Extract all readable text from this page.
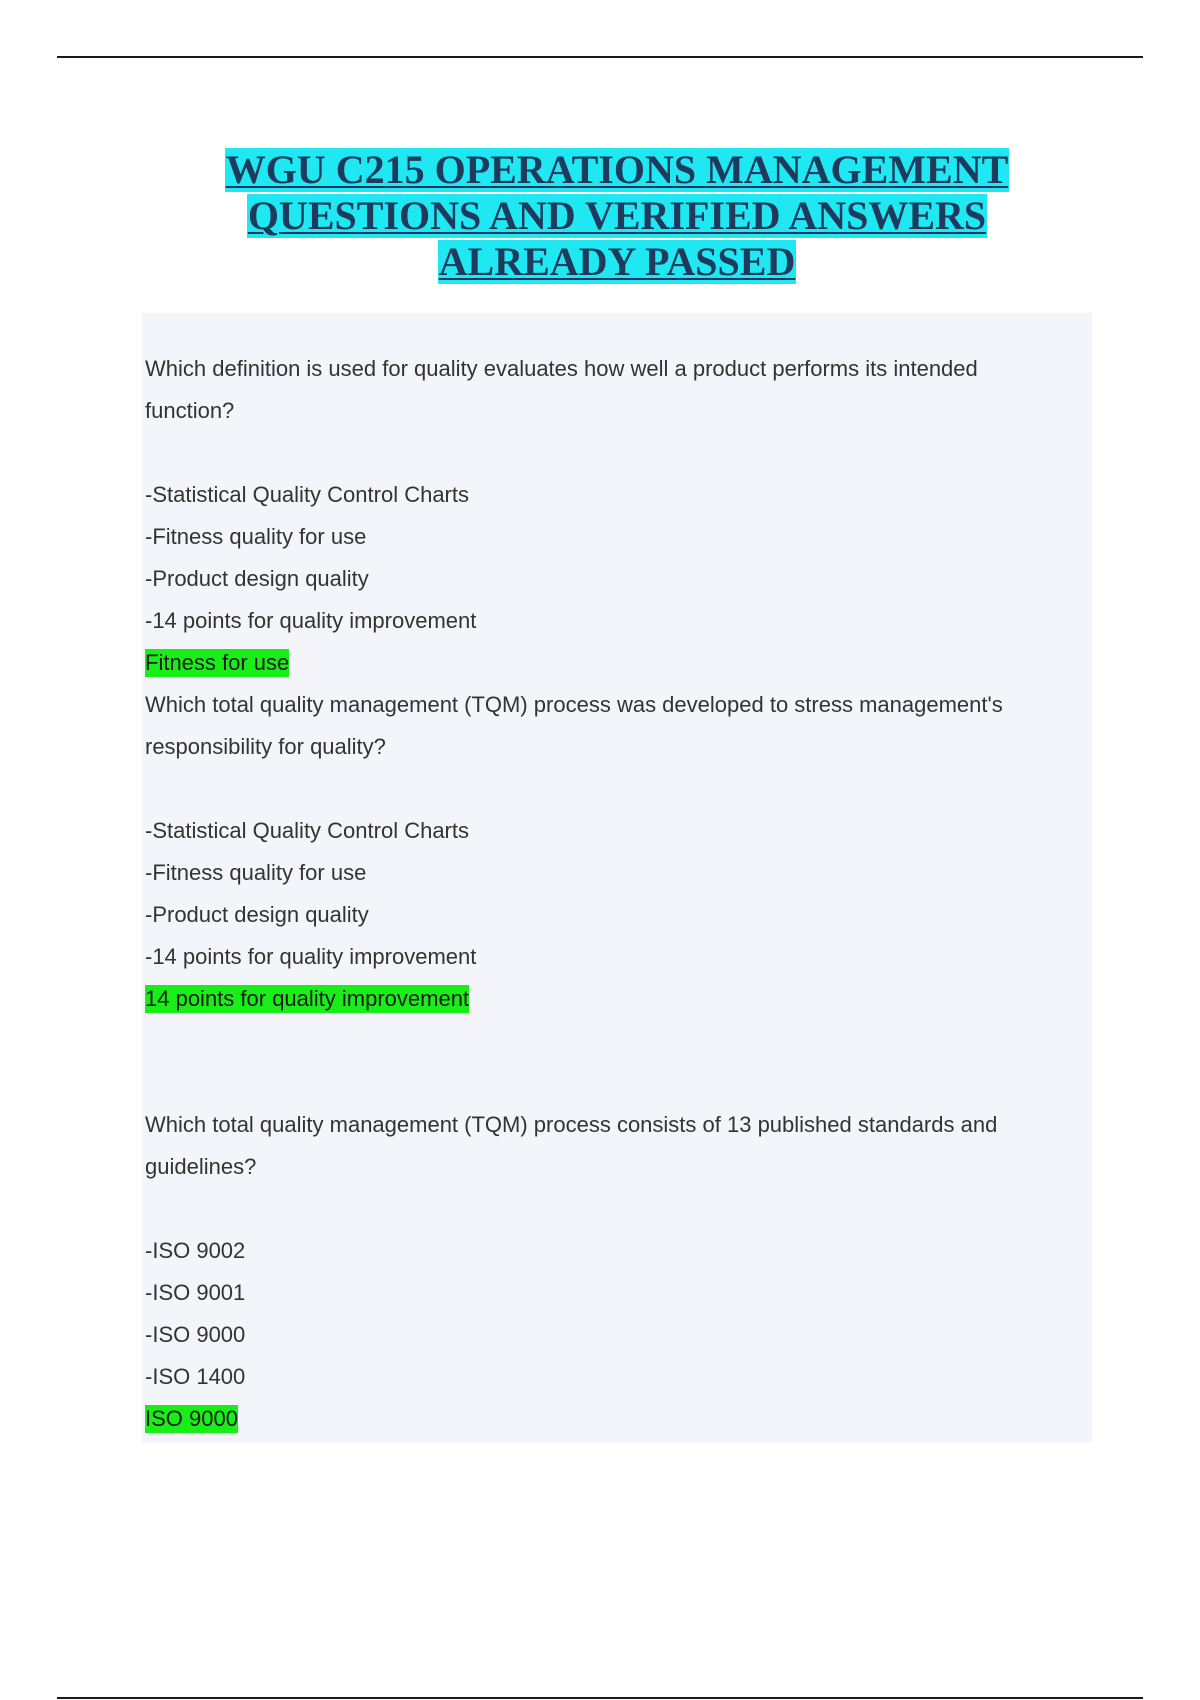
WGU C215 OPERATIONS MANAGEMENT
QUESTIONS AND VERIFIED ANSWERS
ALREADY PASSED

Which definition is used for quality evaluates how well a product performs its intended

function?

-Statistical Quality Control Charts

-Fitness quality for use

-Product design quality

-14 points for quality improvement

Fitness for use

Which total quality management (TQM) process was developed to stress management's

responsibility for quality?

-Statistical Quality Control Charts

-Fitness quality for use

-Product design quality

-14 points for quality improvement

14 points for quality improvement

Which total quality management (TQM) process consists of 13 published standards and

guidelines?

-ISO 9002

-ISO 9001

-ISO 9000

-ISO 1400

ISO 9000
